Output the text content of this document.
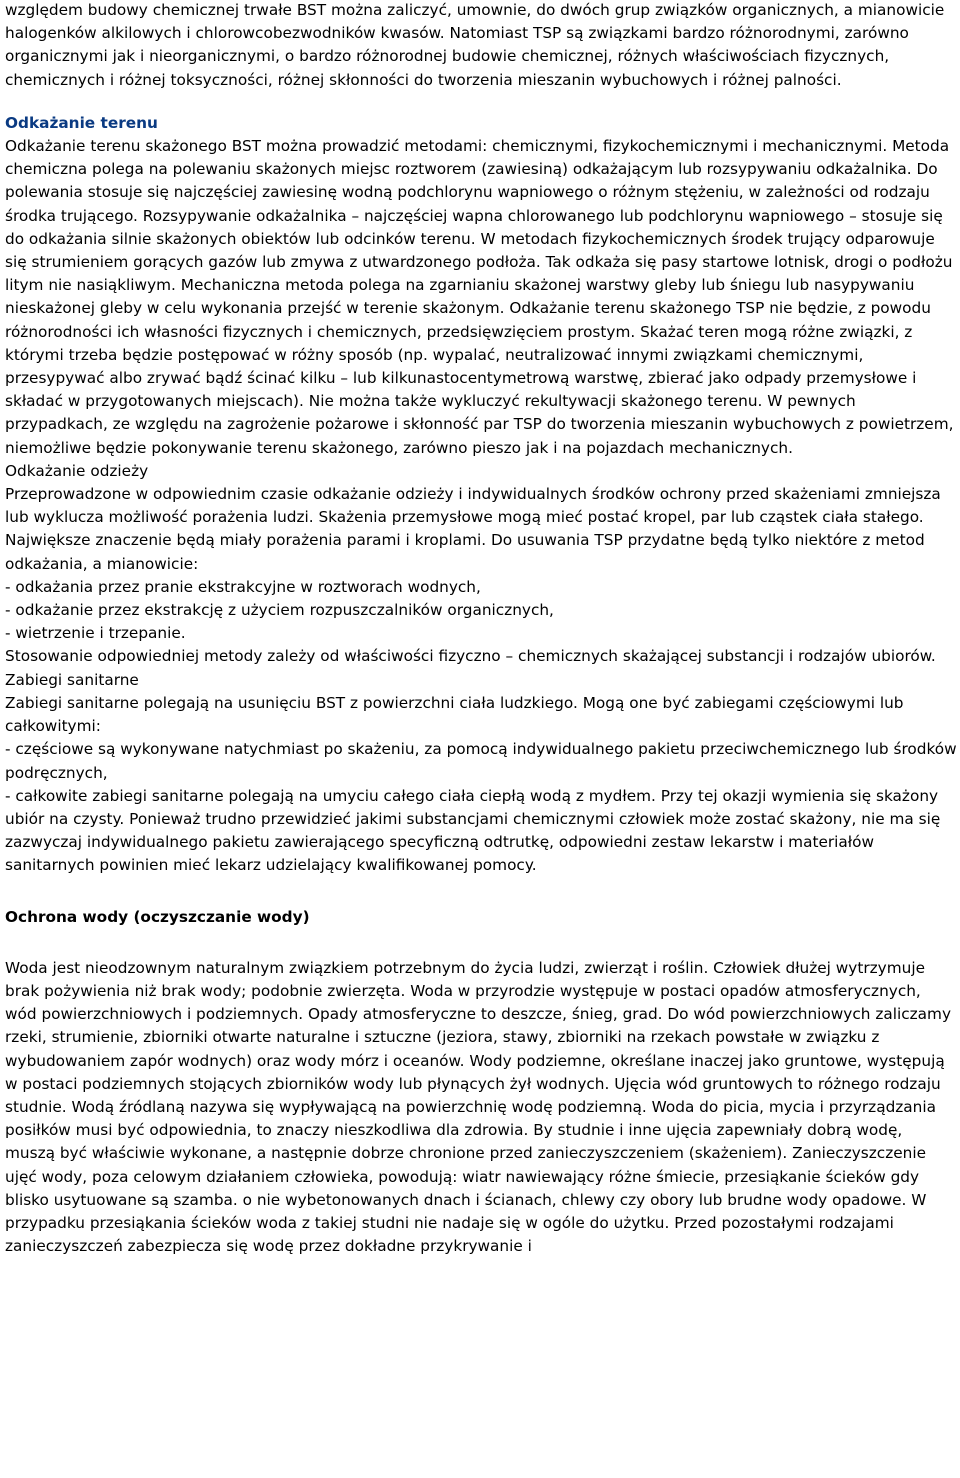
względem budowy chemicznej trwałe BST można zaliczyć, umownie, do dwóch grup związków organicznych, a mianowicie halogenków alkilowych i chlorowcobezwodników kwasów. Natomiast TSP są związkami bardzo różnorodnymi, zarówno organicznymi jak i nieorganicznymi, o bardzo różnorodnej budowie chemicznej, różnych właściwościach fizycznych, chemicznych i różnej toksyczności, różnej skłonności do tworzenia mieszanin wybuchowych i różnej palności.

Odkażanie terenu

Odkażanie terenu skażonego BST można prowadzić metodami: chemicznymi, fizykochemicznymi i mechanicznymi. Metoda chemiczna polega na polewaniu skażonych miejsc roztworem (zawiesiną) odkażającym lub rozsypywaniu odkażalnika. Do polewania stosuje się najczęściej zawiesinę wodną podchlorynu wapniowego o różnym stężeniu, w zależności od rodzaju środka trującego. Rozsypywanie odkażalnika – najczęściej wapna chlorowanego lub podchlorynu wapniowego – stosuje się do odkażania silnie skażonych obiektów lub odcinków terenu. W metodach fizykochemicznych środek trujący odparowuje się strumieniem gorących gazów lub zmywa z utwardzonego podłoża. Tak odkaża się pasy startowe lotnisk, drogi o podłożu litym nie nasiąkliwym. Mechaniczna metoda polega na zgarnianiu skażonej warstwy gleby lub śniegu lub nasypywaniu nieskażonej gleby w celu wykonania przejść w terenie skażonym. Odkażanie terenu skażonego TSP nie będzie, z powodu różnorodności ich własności fizycznych i chemicznych, przedsięwzięciem prostym. Skażać teren mogą różne związki, z którymi trzeba będzie postępować w różny sposób (np. wypalać, neutralizować innymi związkami chemicznymi, przesypywać albo zrywać bądź ścinać kilku – lub kilkunastocentymetrową warstwę, zbierać jako odpady przemysłowe i składać w przygotowanych miejscach). Nie można także wykluczyć rekultywacji skażonego terenu. W pewnych przypadkach, ze względu na zagrożenie pożarowe i skłonność par TSP do tworzenia mieszanin wybuchowych z powietrzem, niemożliwe będzie pokonywanie terenu skażonego, zarówno pieszo jak i na pojazdach mechanicznych.

Odkażanie odzieży

Przeprowadzone w odpowiednim czasie odkażanie odzieży i indywidualnych środków ochrony przed skażeniami zmniejsza lub wyklucza możliwość porażenia ludzi. Skażenia przemysłowe mogą mieć postać kropel, par lub cząstek ciała stałego. Największe znaczenie będą miały porażenia parami i kroplami. Do usuwania TSP przydatne będą tylko niektóre z metod odkażania, a mianowicie:

- odkażania przez pranie ekstrakcyjne w roztworach wodnych,

- odkażanie przez ekstrakcję z użyciem rozpuszczalników organicznych,

- wietrzenie i trzepanie.

Stosowanie odpowiedniej metody zależy od właściwości fizyczno – chemicznych skażającej substancji i rodzajów ubiorów.

Zabiegi sanitarne

Zabiegi sanitarne polegają na usunięciu BST z powierzchni ciała ludzkiego. Mogą one być zabiegami częściowymi lub całkowitymi:

- częściowe są wykonywane natychmiast po skażeniu, za pomocą indywidualnego pakietu przeciwchemicznego lub środków podręcznych,

- całkowite zabiegi sanitarne polegają na umyciu całego ciała ciepłą wodą z mydłem. Przy tej okazji wymienia się skażony ubiór na czysty. Ponieważ trudno przewidzieć jakimi substancjami chemicznymi człowiek może zostać skażony, nie ma się zazwyczaj indywidualnego pakietu zawierającego specyficzną odtrutkę, odpowiedni zestaw lekarstw i materiałów sanitarnych powinien mieć lekarz udzielający kwalifikowanej pomocy.

Ochrona wody (oczyszczanie wody)

Woda jest nieodzownym naturalnym związkiem potrzebnym do życia ludzi, zwierząt i roślin. Człowiek dłużej wytrzymuje brak pożywienia niż brak wody; podobnie zwierzęta. Woda w przyrodzie występuje w postaci opadów atmosferycznych, wód powierzchniowych i podziemnych. Opady atmosferyczne to deszcze, śnieg, grad. Do wód powierzchniowych zaliczamy rzeki, strumienie, zbiorniki otwarte naturalne i sztuczne (jeziora, stawy, zbiorniki na rzekach powstałe w związku z wybudowaniem zapór wodnych) oraz wody mórz i oceanów. Wody podziemne, określane inaczej jako gruntowe, występują w postaci podziemnych stojących zbiorników wody lub płynących żył wodnych. Ujęcia wód gruntowych to różnego rodzaju studnie. Wodą źródlaną nazywa się wypływającą na powierzchnię wodę podziemną. Woda do picia, mycia i przyrządzania posiłków musi być odpowiednia, to znaczy nieszkodliwa dla zdrowia. By studnie i inne ujęcia zapewniały dobrą wodę, muszą być właściwie wykonane, a następnie dobrze chronione przed zanieczyszczeniem (skażeniem). Zanieczyszczenie ujęć wody, poza celowym działaniem człowieka, powodują: wiatr nawiewający różne śmiecie, przesiąkanie ścieków gdy blisko usytuowane są szamba. o nie wybetonowanych dnach i ścianach, chlewy czy obory lub brudne wody opadowe. W przypadku przesiąkania ścieków woda z takiej studni nie nadaje się w ogóle do użytku. Przed pozostałymi rodzajami zanieczyszczeń zabezpiecza się wodę przez dokładne przykrywanie i
